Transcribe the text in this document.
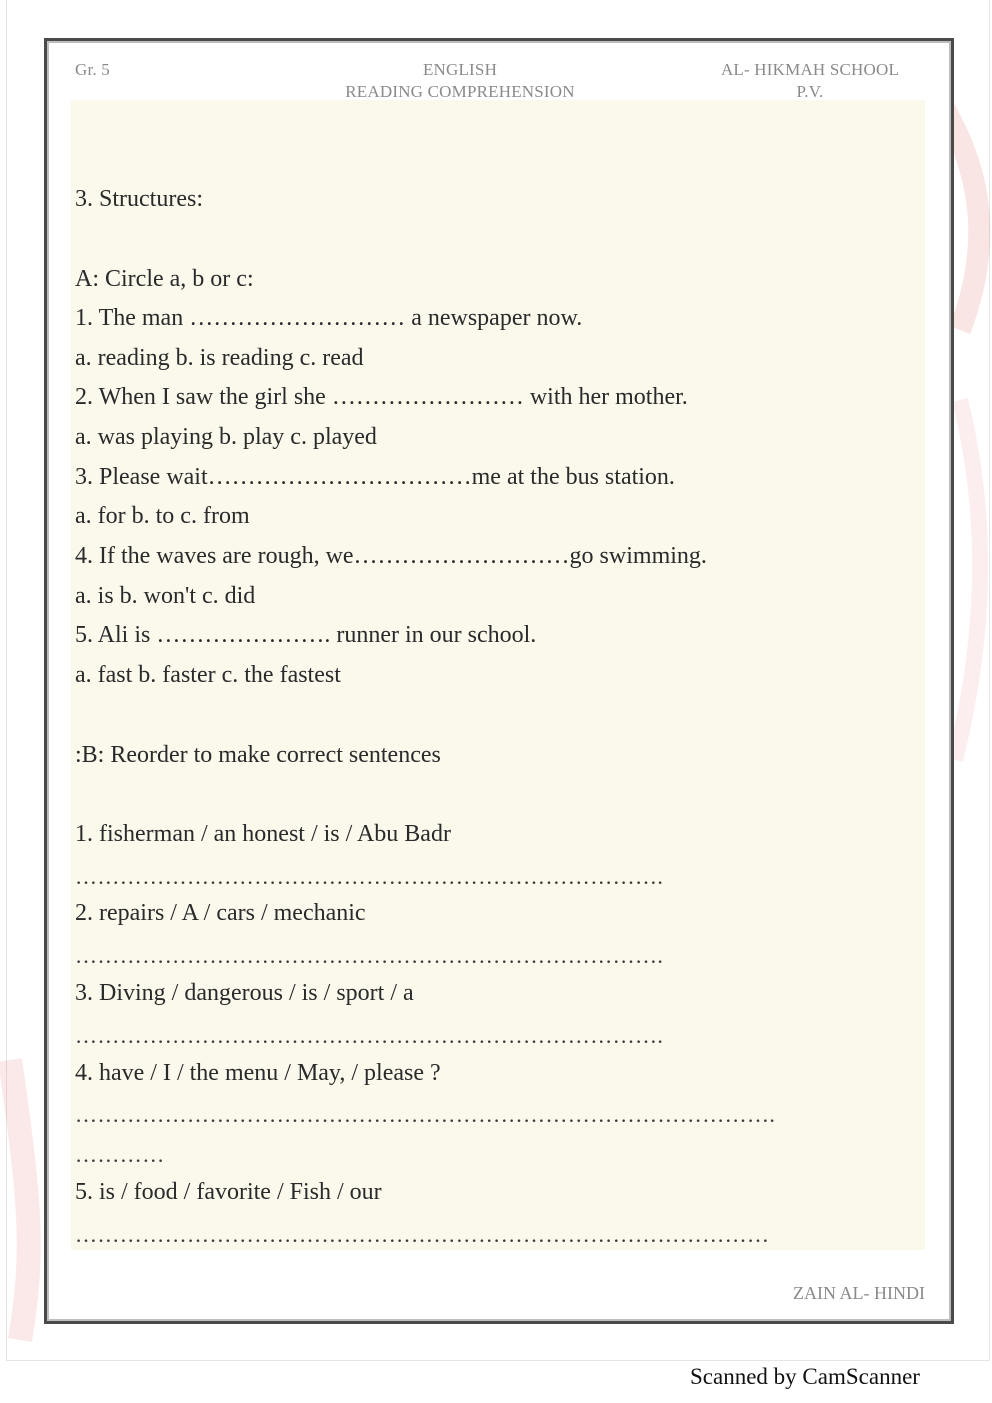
Gr. 5	ENGLISH
READING COMPREHENSION
AL- HIKMAH SCHOOL
P.V.
3. Structures:
A: Circle a, b or c:
1. The man ……………………… a newspaper now.
a. reading b. is reading c. read
2. When I saw the girl she …………………… with her mother.
a. was playing b. play c. played
3. Please wait……………………………me at the bus station.
a. for b. to c. from
4. If the waves are rough, we………………………go swimming.
a. is b. won't c. did
5. Ali is …………………. runner in our school.
a. fast b. faster c. the fastest
:B: Reorder to make correct sentences
1. fisherman / an honest / is / Abu Badr
…………………………………………………………………….
2. repairs / A / cars / mechanic
…………………………………………………………………….
3. Diving / dangerous / is / sport / a
…………………………………………………………………….
4. have / I / the menu / May, / please ?
………………………………………………………………………………….
…………
5. is / food / favorite / Fish / our
…………………………………………………………………………………
ZAIN AL- HINDI
Scanned by CamScanner
